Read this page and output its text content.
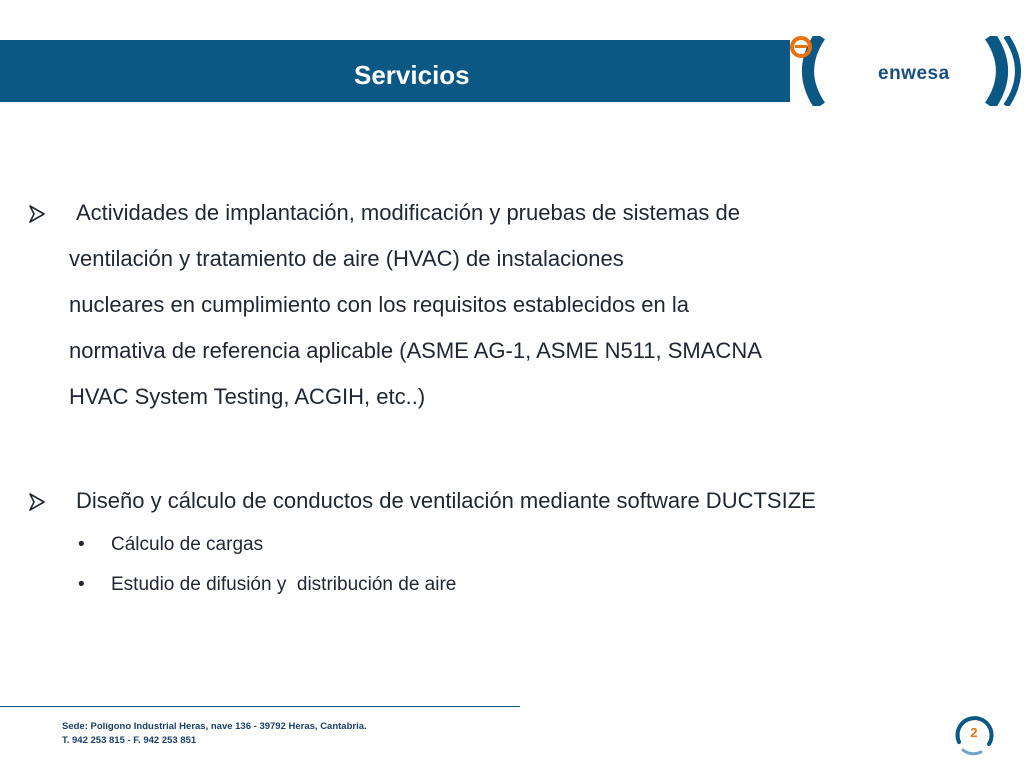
Servicios	enwesa
Actividades de implantación, modificación y pruebas de sistemas de
ventilación y tratamiento de aire (HVAC) de instalaciones
nucleares en cumplimiento con los requisitos establecidos en la
normativa de referencia aplicable (ASME AG-1, ASME N511, SMACNA
HVAC System Testing, ACGIH, etc..)
Diseño y cálculo de conductos de ventilación mediante software DUCTSIZE
• Cálculo de cargas
• Estudio de difusión y  distribución de aire
Sede: Polígono Industrial Heras, nave 136 - 39792 Heras, Cantabria.
T. 942 253 815 - F. 942 253 851
2
